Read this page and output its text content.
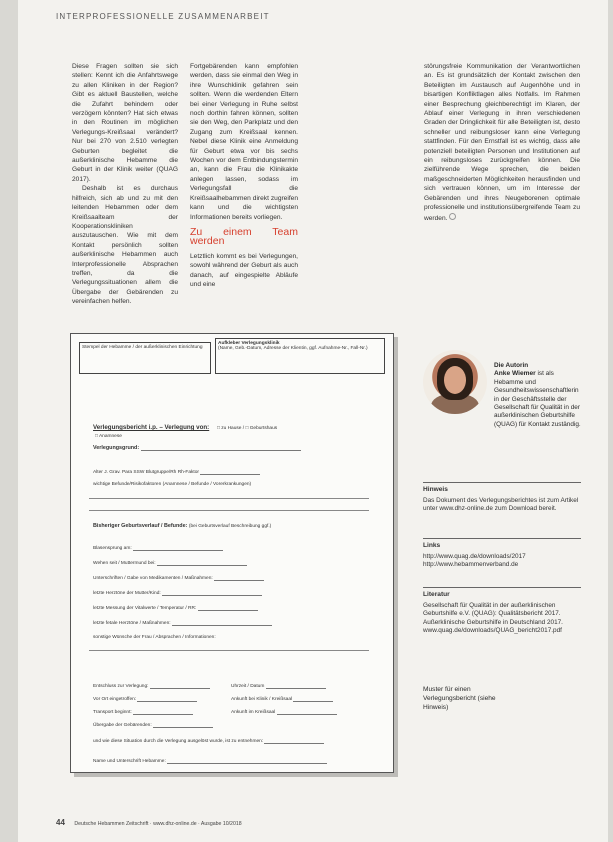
INTERPROFESSIONELLE ZUSAMMENARBEIT

Diese Fragen sollten sie sich stellen: Kennt ich die Anfahrtswege zu allen Kliniken in der Region? Gibt es aktuell Baustellen, welche die Zufahrt behindern oder verzögern könnten? Hat sich etwas in den Routinen im möglichen Verlegungs-Kreißsaal verändert? Nur bei 270 von 2.510 verlegten Geburten begleitet die außerklinische Hebamme die Geburt in der Klinik weiter (QUAG 2017).

Deshalb ist es durchaus hilfreich, sich ab und zu mit den leitenden Hebammen oder dem Kreißsaalteam der Kooperationskliniken auszutauschen. Wie mit dem Kontakt persönlich sollten außerklinische Hebammen auch Interprofessionelle Absprachen treffen, da die Verlegungssituationen allem die Übergabe der Gebärenden zu vereinfachen helfen.

Fortgebärenden kann empfohlen werden, dass sie einmal den Weg in ihre Wunschklinik gefahren sein sollten. Wenn die werdenden Eltern bei einer Verlegung in Ruhe selbst noch dorthin fahren können, sollten sie den Weg, den Parkplatz und den Zugang zum Kreißsaal kennen. Nebel diese Klinik eine Anmeldung für Geburt etwa vor bis sechs Wochen vor dem Entbindungstermin an, kann die Frau die Klinikakte anlegen lassen, sodass im Verlegungsfall die Kreißsaalhebammen direkt zugreifen kann und die wichtigsten Informationen bereits vorliegen.

Zu einem Team werden

Letztlich kommt es bei Verlegungen, sowohl während der Geburt als auch danach, auf eingespielte Abläufe und eine

störungsfreie Kommunikation der Verantwortlichen an. Es ist grundsätzlich der Kontakt zwischen den Beteiligten im Austausch auf Augenhöhe und in bisartigen Konfliktlagen alles Notfalls. Im Rahmen einer Besprechung gleichberechtigt im Klaren, der Ablauf einer Verlegung in ihren verschiedenen Graden der Dringlichkeit für alle Beteiligten ist, desto schneller und reibungsloser kann eine Verlegung stattfinden. Für den Ernstfall ist es wichtig, dass alle potenziell beteiligten Personen und Institutionen auf ein reibungsloses zurückgreifen können. Die zielführende Wege sprechen, die beiden maßgeschneiderten Möglichkeiten herausfinden und sich vertrauen können, um im Interesse der Gebärenden und ihres Neugeborenen optimale professionelle und institutionsübergreifende Team zu werden.

Stempel der Hebamme / der außerklinischen Einrichtung
Aufkleber Verlegungsklinik
(Name, Geb.-Datum, Adresse der Klientin, ggf. Aufnahme-Nr., Fall-Nr.)
Verlegungsbericht i.p. – Verlegung von: □ zu Hause / □ Geburtshaus
□ Anamnese
Verlegungsgrund:
Alter J. Grav. Para SSW Blutgruppe/Rh Rh-Faktor
wichtige Befunde/Risikofaktoren (Anamnese / Befunde / Vorerkrankungen)
Bisheriger Geburtsverlauf / Befunde: (bei Geburtsverlauf Beschreibung ggf.)
Blasensprung am:
Wehen seit / Muttermund bei:
Unterschriften / Gabe von Medikamenten / Maßnahmen:
letzte Herztöne der Mutter/Kind:
letzte Messung der Vitalwerte / Temperatur / RR:
letzte fetale Herztöne / Maßnahmen:
sonstige Wünsche der Frau / Absprachen / Informationen:
Entschluss zur Verlegung:	Uhrzeit / Datum
Vor Ort eingetroffen:	Ankunft bei Klinik / Kreißsaal
Transport beginnt:	Ankunft im Kreißsaal
Übergabe der Gebärenden:
und wie diese Situation durch die Verlegung ausgelöst wurde, ist zu entnehmen:
Name und Unterschrift Hebamme:
Die Autorin
Anke Wiemer ist als Hebamme und Gesundheitswissenschaftlerin in der Geschäftsstelle der Gesellschaft für Qualität in der außerklinischen Geburtshilfe (QUAG) für Kontakt zuständig.
Hinweis
Das Dokument des Verlegungsberichtes ist zum Artikel unter www.dhz-online.de zum Download bereit.
Links
http://www.quag.de/downloads/2017 http://www.hebammenverband.de
Literatur
Gesellschaft für Qualität in der außerklinischen Geburtshilfe e.V. (QUAG): Qualitätsbericht 2017. Außerklinische Geburtshilfe in Deutschland 2017. www.quag.de/downloads/QUAG_bericht2017.pdf
Muster für einen Verlegungsbericht (siehe Hinweis)
44 Deutsche Hebammen Zeitschrift · www.dhz-online.de · Ausgabe 10/2018
